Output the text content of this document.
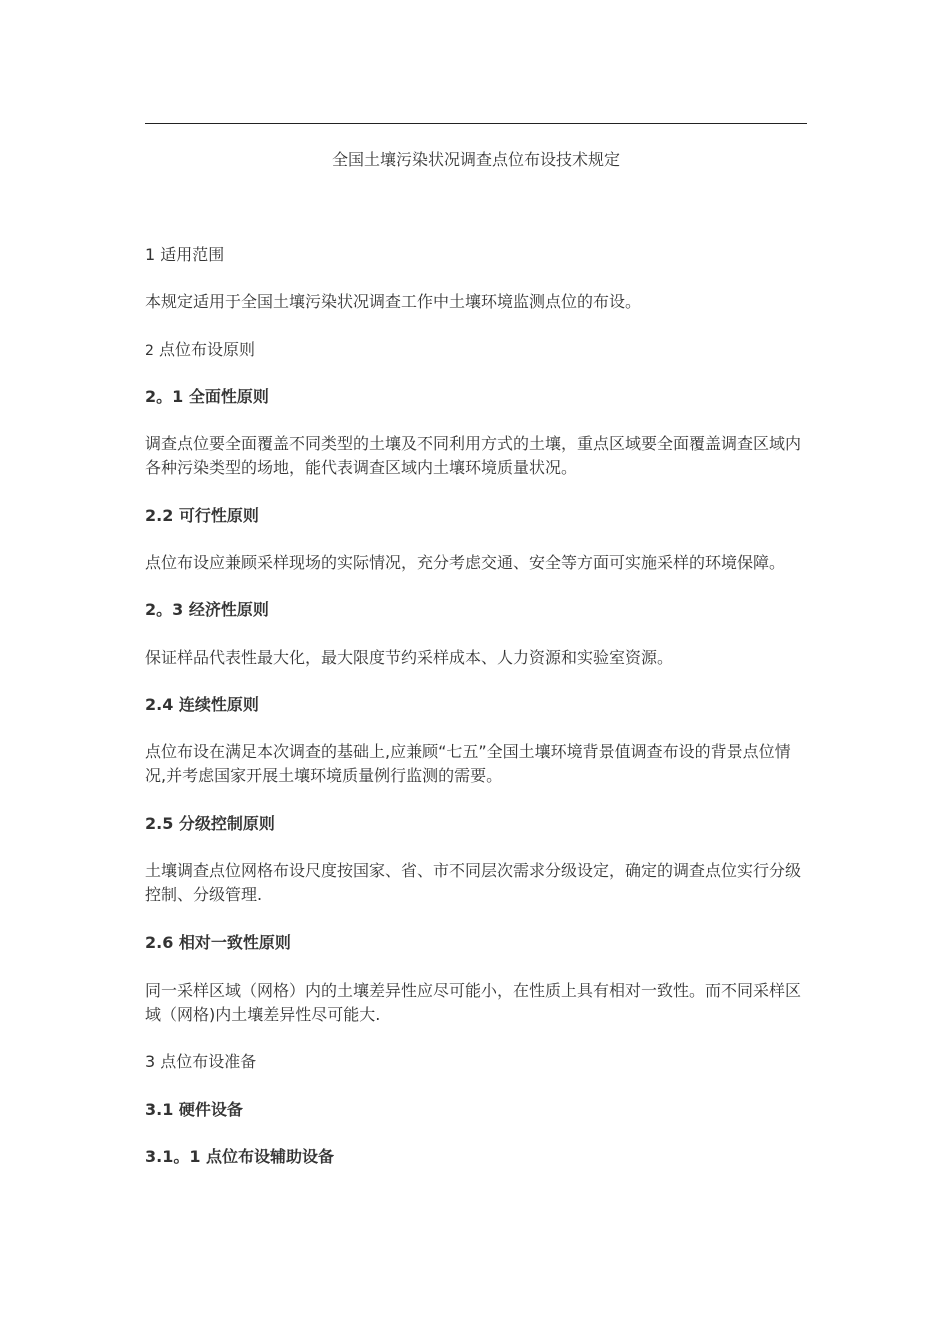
全国土壤污染状况调查点位布设技术规定
1 适用范围
本规定适用于全国土壤污染状况调查工作中土壤环境监测点位的布设。
2 点位布设原则
2。1 全面性原则
调查点位要全面覆盖不同类型的土壤及不同利用方式的土壤，重点区域要全面覆盖调查区域内各种污染类型的场地，能代表调查区域内土壤环境质量状况。
2.2 可行性原则
点位布设应兼顾采样现场的实际情况，充分考虑交通、安全等方面可实施采样的环境保障。
2。3 经济性原则
保证样品代表性最大化，最大限度节约采样成本、人力资源和实验室资源。
2.4 连续性原则
点位布设在满足本次调查的基础上,应兼顾“七五”全国土壤环境背景值调查布设的背景点位情况,并考虑国家开展土壤环境质量例行监测的需要。
2.5 分级控制原则
土壤调查点位网格布设尺度按国家、省、市不同层次需求分级设定，确定的调查点位实行分级控制、分级管理.
2.6 相对一致性原则
同一采样区域（网格）内的土壤差异性应尽可能小，在性质上具有相对一致性。而不同采样区域（网格)内土壤差异性尽可能大.
3 点位布设准备
3.1 硬件设备
3.1。1 点位布设辅助设备
